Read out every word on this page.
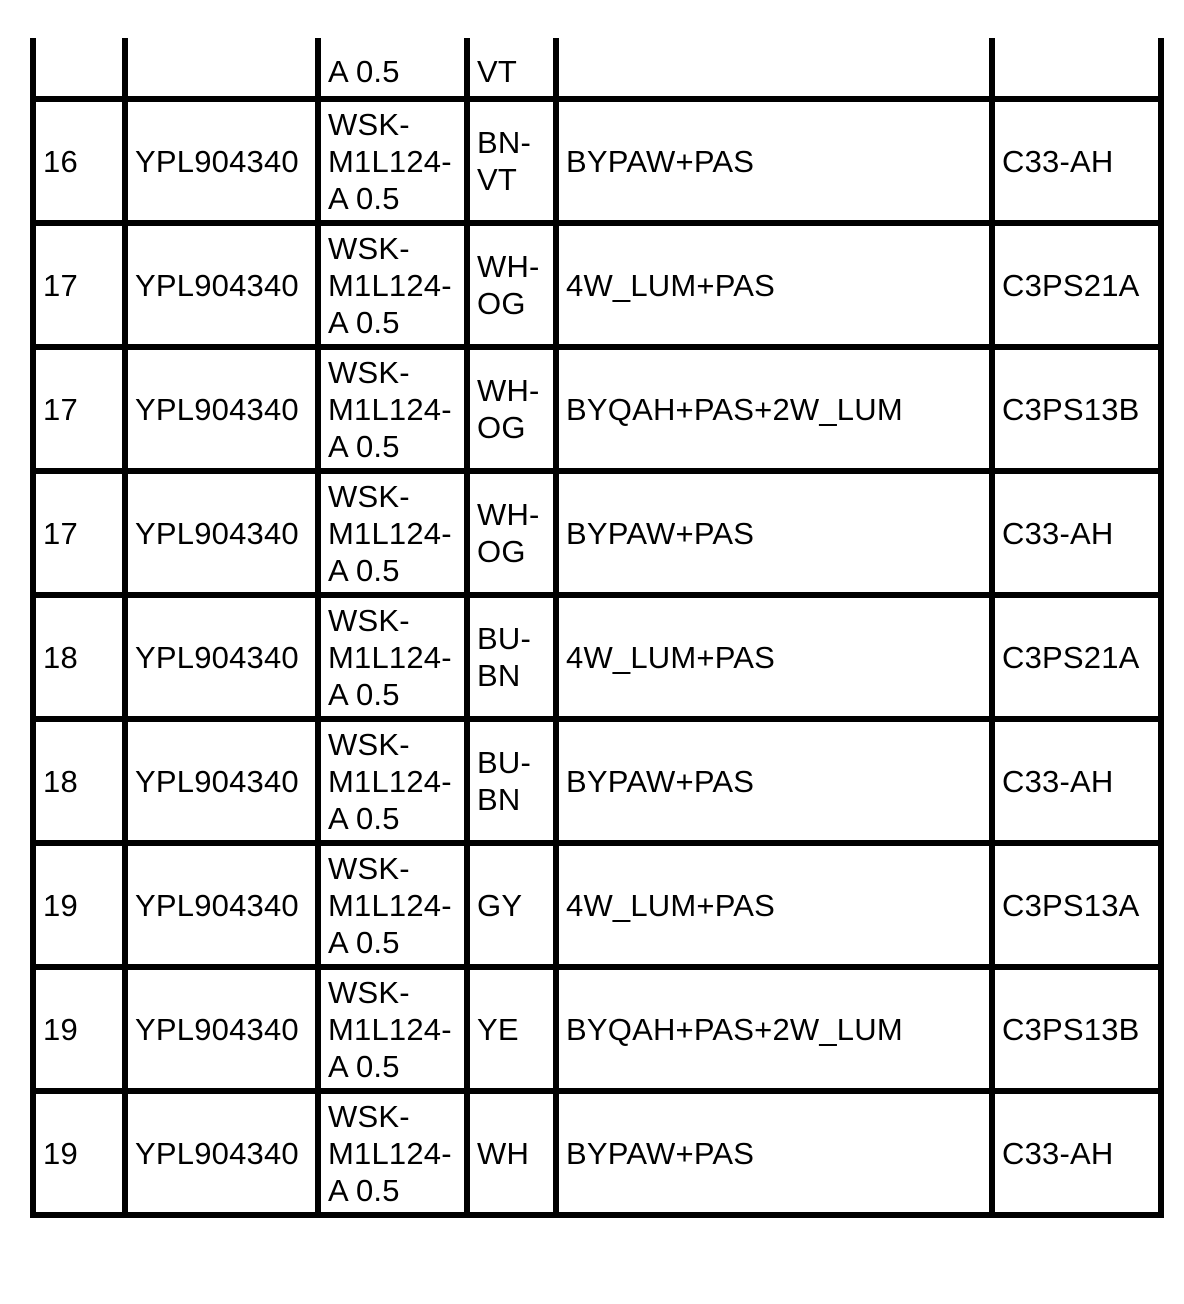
		A 0.5	VT		

16	YPL904340	WSK-
M1L124-
A 0.5	BN-
VT	BYPAW+PAS	C33-AH
17	YPL904340	WSK-
M1L124-
A 0.5	WH-
OG	4W_LUM+PAS	C3PS21A
17	YPL904340	WSK-
M1L124-
A 0.5	WH-
OG	BYQAH+PAS+2W_LUM	C3PS13B
17	YPL904340	WSK-
M1L124-
A 0.5	WH-
OG	BYPAW+PAS	C33-AH
18	YPL904340	WSK-
M1L124-
A 0.5	BU-
BN	4W_LUM+PAS	C3PS21A
18	YPL904340	WSK-
M1L124-
A 0.5	BU-
BN	BYPAW+PAS	C33-AH
19	YPL904340	WSK-
M1L124-
A 0.5	GY	4W_LUM+PAS	C3PS13A
19	YPL904340	WSK-
M1L124-
A 0.5	YE	BYQAH+PAS+2W_LUM	C3PS13B
19	YPL904340	WSK-
M1L124-
A 0.5	WH	BYPAW+PAS	C33-AH
